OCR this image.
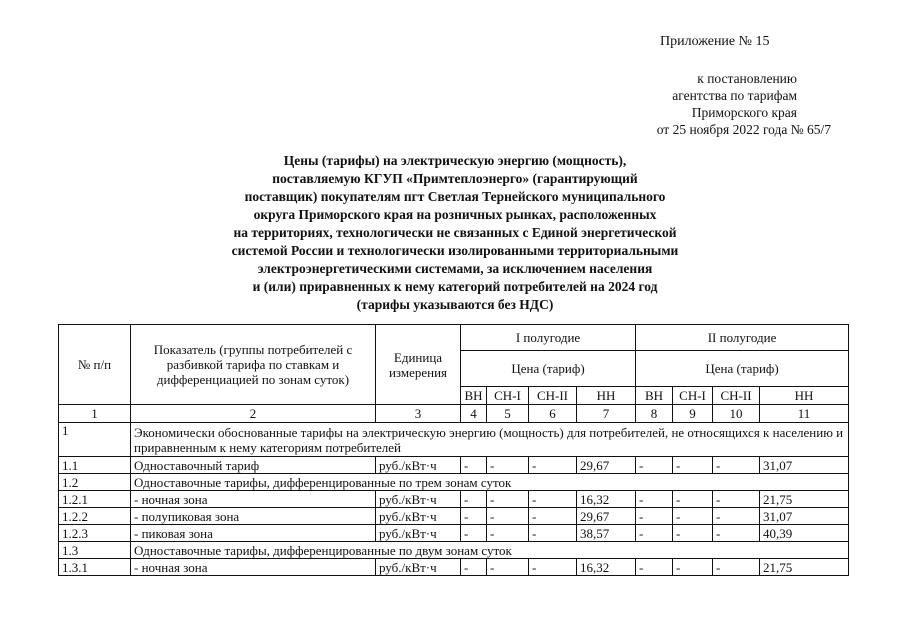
Приложение № 15
к постановлению
агентства по тарифам
Приморского края
от 25 ноября 2022 года № 65/7
Цены (тарифы) на электрическую энергию (мощность),
поставляемую КГУП «Примтеплоэнерго» (гарантирующий
поставщик) покупателям пгт Светлая Тернейского муниципального
округа Приморского края на розничных рынках, расположенных
на территориях, технологически не связанных с Единой энергетической
системой России и технологически изолированными территориальными
электроэнергетическими системами, за исключением населения
и (или) приравненных к нему категорий потребителей на 2024 год
(тарифы указываются без НДС)
№ п/п	Показатель (группы потребителей с разбивкой тарифа по ставкам и дифференциацией по зонам суток)	Единица измерения	I полугодие				II полугодие			
			Цена (тариф)				Цена (тариф)			
			ВН	СН-I	СН-II	НН	ВН	СН-I	СН-II	НН
1	2	3	4	5	6	7	8	9	10	11
1	Экономически обоснованные тарифы на электрическую энергию (мощность) для потребителей, не относящихся к населению и приравненным к нему категориям потребителей									
1.1	Одноставочный тариф	руб./кВт·ч	-	-	-	29,67	-	-	-	31,07
1.2	Одноставочные тарифы, дифференцированные по трем зонам суток									
1.2.1	- ночная зона	руб./кВт·ч	-	-	-	16,32	-	-	-	21,75
1.2.2	- полупиковая зона	руб./кВт·ч	-	-	-	29,67	-	-	-	31,07
1.2.3	- пиковая зона	руб./кВт·ч	-	-	-	38,57	-	-	-	40,39
1.3	Одноставочные тарифы, дифференцированные по двум зонам суток									
1.3.1	- ночная зона	руб./кВт·ч	-	-	-	16,32	-	-	-	21,75
